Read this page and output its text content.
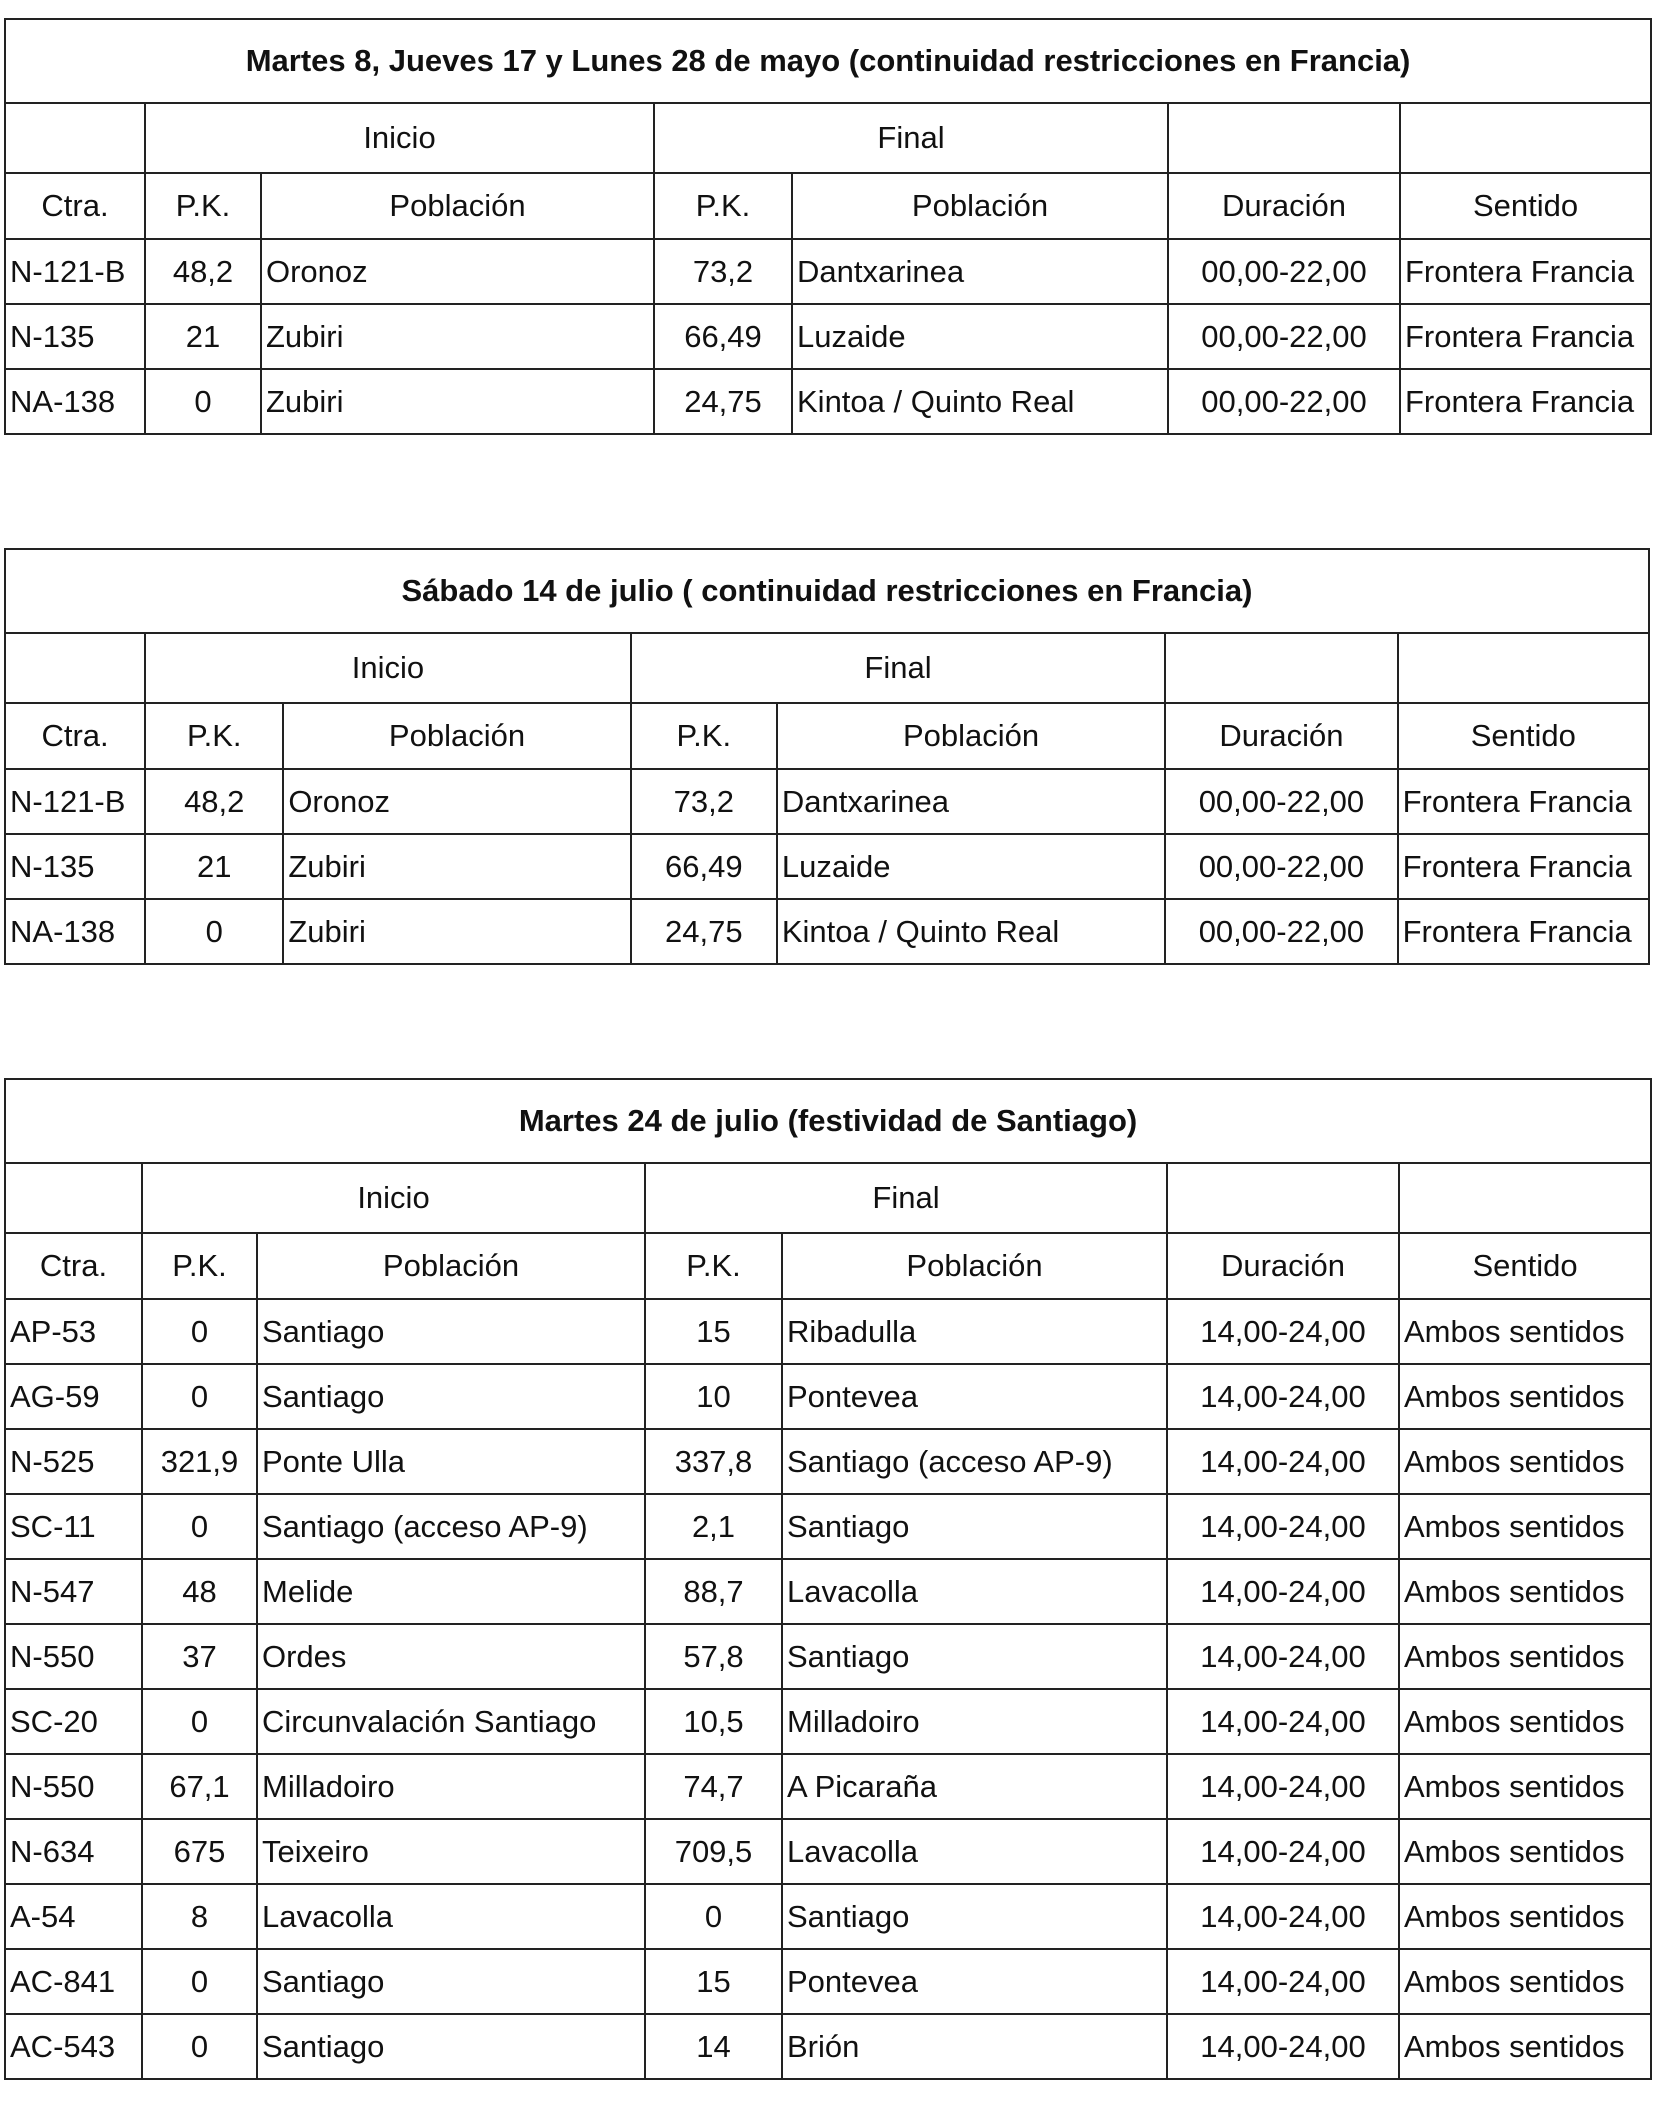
Martes 8, Jueves 17 y Lunes 28 de mayo (continuidad restricciones en Francia)						
	Inicio		Final			
Ctra.	P.K.	Población	P.K.	Población	Duración	Sentido
N-121-B	48,2	Oronoz	73,2	Dantxarinea	00,00-22,00	Frontera Francia
N-135	21	Zubiri	66,49	Luzaide	00,00-22,00	Frontera Francia
NA-138	0	Zubiri	24,75	Kintoa / Quinto Real	00,00-22,00	Frontera Francia
Sábado 14 de julio ( continuidad restricciones en Francia)						
	Inicio		Final			
Ctra.	P.K.	Población	P.K.	Población	Duración	Sentido
N-121-B	48,2	Oronoz	73,2	Dantxarinea	00,00-22,00	Frontera Francia
N-135	21	Zubiri	66,49	Luzaide	00,00-22,00	Frontera Francia
NA-138	0	Zubiri	24,75	Kintoa / Quinto Real	00,00-22,00	Frontera Francia
Martes 24 de julio (festividad de Santiago)						
	Inicio		Final			
Ctra.	P.K.	Población	P.K.	Población	Duración	Sentido
AP-53	0	Santiago	15	Ribadulla	14,00-24,00	Ambos sentidos
AG-59	0	Santiago	10	Pontevea	14,00-24,00	Ambos sentidos
N-525	321,9	Ponte Ulla	337,8	Santiago (acceso AP-9)	14,00-24,00	Ambos sentidos
SC-11	0	Santiago (acceso AP-9)	2,1	Santiago	14,00-24,00	Ambos sentidos
N-547	48	Melide	88,7	Lavacolla	14,00-24,00	Ambos sentidos
N-550	37	Ordes	57,8	Santiago	14,00-24,00	Ambos sentidos
SC-20	0	Circunvalación Santiago	10,5	Milladoiro	14,00-24,00	Ambos sentidos
N-550	67,1	Milladoiro	74,7	A Picaraña	14,00-24,00	Ambos sentidos
N-634	675	Teixeiro	709,5	Lavacolla	14,00-24,00	Ambos sentidos
A-54	8	Lavacolla	0	Santiago	14,00-24,00	Ambos sentidos
AC-841	0	Santiago	15	Pontevea	14,00-24,00	Ambos sentidos
AC-543	0	Santiago	14	Brión	14,00-24,00	Ambos sentidos
